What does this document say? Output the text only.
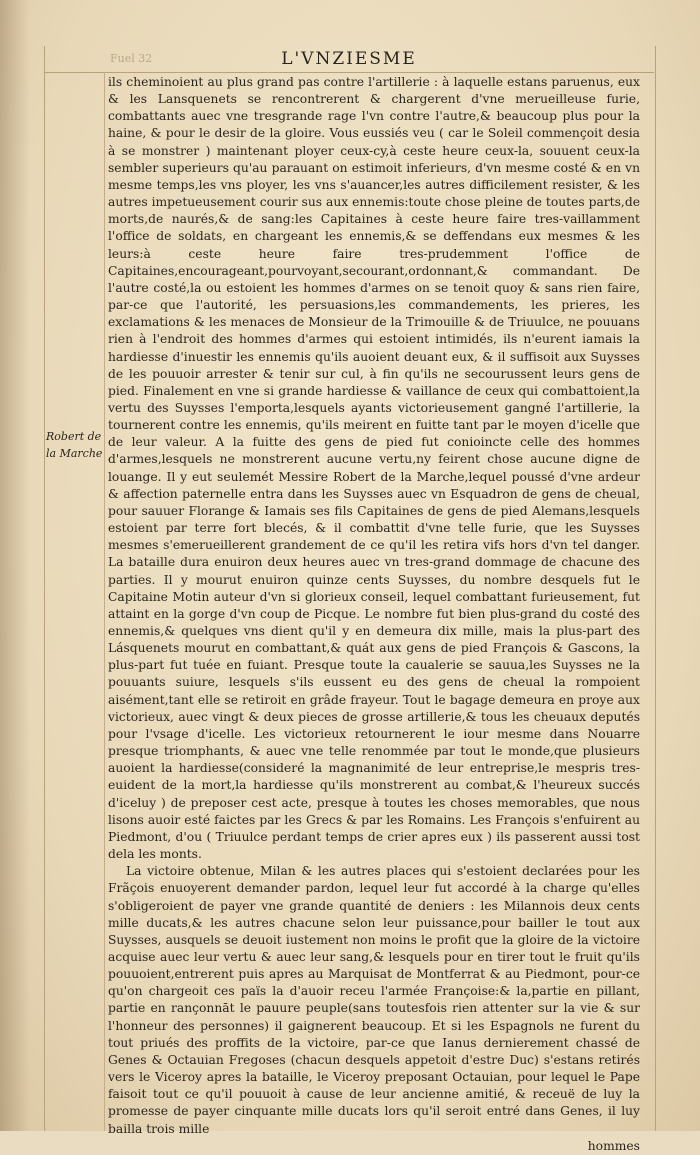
Fuel 32	L'VNZIESME
Robert de
la Marche

ils cheminoient au plus grand pas contre l'artillerie : à laquelle estans paruenus, eux & les Lansquenets se rencontrerent & chargerent d'vne merueilleuse furie, combattants auec vne tresgrande rage l'vn contre l'autre,& beaucoup plus pour la haine, & pour le desir de la gloire. Vous eussiés veu ( car le Soleil commençoit desia à se monstrer ) maintenant ployer ceux-cy,à ceste heure ceux-la, souuent ceux-la sembler superieurs qu'au parauant on estimoit inferieurs, d'vn mesme costé & en vn mesme temps,les vns ployer, les vns s'auancer,les autres difficilement resister, & les autres impetueusement courir sus aux ennemis:toute chose pleine de toutes parts,de morts,de naurés,& de sang:les Capitaines à ceste heure faire tres-vaillamment l'office de soldats, en chargeant les ennemis,& se deffendans eux mesmes & les leurs:à ceste heure faire tres-prudemment l'office de Capitaines,encourageant,pourvoyant,secourant,ordonnant,& commandant. De l'autre costé,la ou estoient les hommes d'armes on se tenoit quoy & sans rien faire, par-ce que l'autorité, les persuasions,les commandements, les prieres, les exclamations & les menaces de Monsieur de la Trimouille & de Triuulce, ne pouuans rien à l'endroit des hommes d'armes qui estoient intimidés, ils n'eurent iamais la hardiesse d'inuestir les ennemis qu'ils auoient deuant eux, & il suffisoit aux Suysses de les pouuoir arrester & tenir sur cul, à fin qu'ils ne secourussent leurs gens de pied. Finalement en vne si grande hardiesse & vaillance de ceux qui combattoient,la vertu des Suysses l'emporta,lesquels ayants victorieusement gangné l'artillerie, la tournerent contre les ennemis, qu'ils meirent en fuitte tant par le moyen d'icelle que de leur valeur. A la fuitte des gens de pied fut conioincte celle des hommes d'armes,lesquels ne monstrerent aucune vertu,ny feirent chose aucune digne de louange. Il y eut seulemét Messire Robert de la Marche,lequel poussé d'vne ardeur & affection paternelle entra dans les Suysses auec vn Esquadron de gens de cheual, pour sauuer Florange & Iamais ses fils Capitaines de gens de pied Alemans,lesquels estoient par terre fort blecés, & il combattit d'vne telle furie, que les Suysses mesmes s'emerueillerent grandement de ce qu'il les retira vifs hors d'vn tel danger. La bataille dura enuiron deux heures auec vn tres-grand dommage de chacune des parties. Il y mourut enuiron quinze cents Suysses, du nombre desquels fut le Capitaine Motin auteur d'vn si glorieux conseil, lequel combattant furieusement, fut attaint en la gorge d'vn coup de Picque. Le nombre fut bien plus-grand du costé des ennemis,& quelques vns dient qu'il y en demeura dix mille, mais la plus-part des Lásquenets mourut en combattant,& quát aux gens de pied François & Gascons, la plus-part fut tuée en fuiant. Presque toute la caualerie se sauua,les Suysses ne la pouuants suiure, lesquels s'ils eussent eu des gens de cheual la rompoient aisément,tant elle se retiroit en grâde frayeur. Tout le bagage demeura en proye aux victorieux, auec vingt & deux pieces de grosse artillerie,& tous les cheuaux deputés pour l'vsage d'icelle. Les victorieux retournerent le iour mesme dans Nouarre presque triomphants, & auec vne telle renommée par tout le monde,que plusieurs auoient la hardiesse(consideré la magnanimité de leur entreprise,le mespris tres-euident de la mort,la hardiesse qu'ils monstrerent au combat,& l'heureux succés d'iceluy ) de preposer cest acte, presque à toutes les choses memorables, que nous lisons auoir esté faictes par les Grecs & par les Romains. Les François s'enfuirent au Piedmont, d'ou ( Triuulce perdant temps de crier apres eux ) ils passerent aussi tost dela les monts.

La victoire obtenue, Milan & les autres places qui s'estoient declarées pour les Frãçois enuoyerent demander pardon, lequel leur fut accordé à la charge qu'elles s'obligeroient de payer vne grande quantité de deniers : les Milannois deux cents mille ducats,& les autres chacune selon leur puissance,pour bailler le tout aux Suysses, ausquels se deuoit iustement non moins le profit que la gloire de la victoire acquise auec leur vertu & auec leur sang,& lesquels pour en tirer tout le fruit qu'ils pouuoient,entrerent puis apres au Marquisat de Montferrat & au Piedmont, pour-ce qu'on chargeoit ces païs la d'auoir receu l'armée Françoise:& la,partie en pillant, partie en rançonnāt le pauure peuple(sans toutesfois rien attenter sur la vie & sur l'honneur des personnes) il gaignerent beaucoup. Et si les Espagnols ne furent du tout priués des proffits de la victoire, par-ce que Ianus dernierement chassé de Genes & Octauian Fregoses (chacun desquels appetoit d'estre Duc) s'estans retirés vers le Viceroy apres la bataille, le Viceroy preposant Octauian, pour lequel le Pape faisoit tout ce qu'il pouuoit à cause de leur ancienne amitié, & receuë de luy la promesse de payer cinquante mille ducats lors qu'il seroit entré dans Genes, il luy bailla trois mille

hommes
